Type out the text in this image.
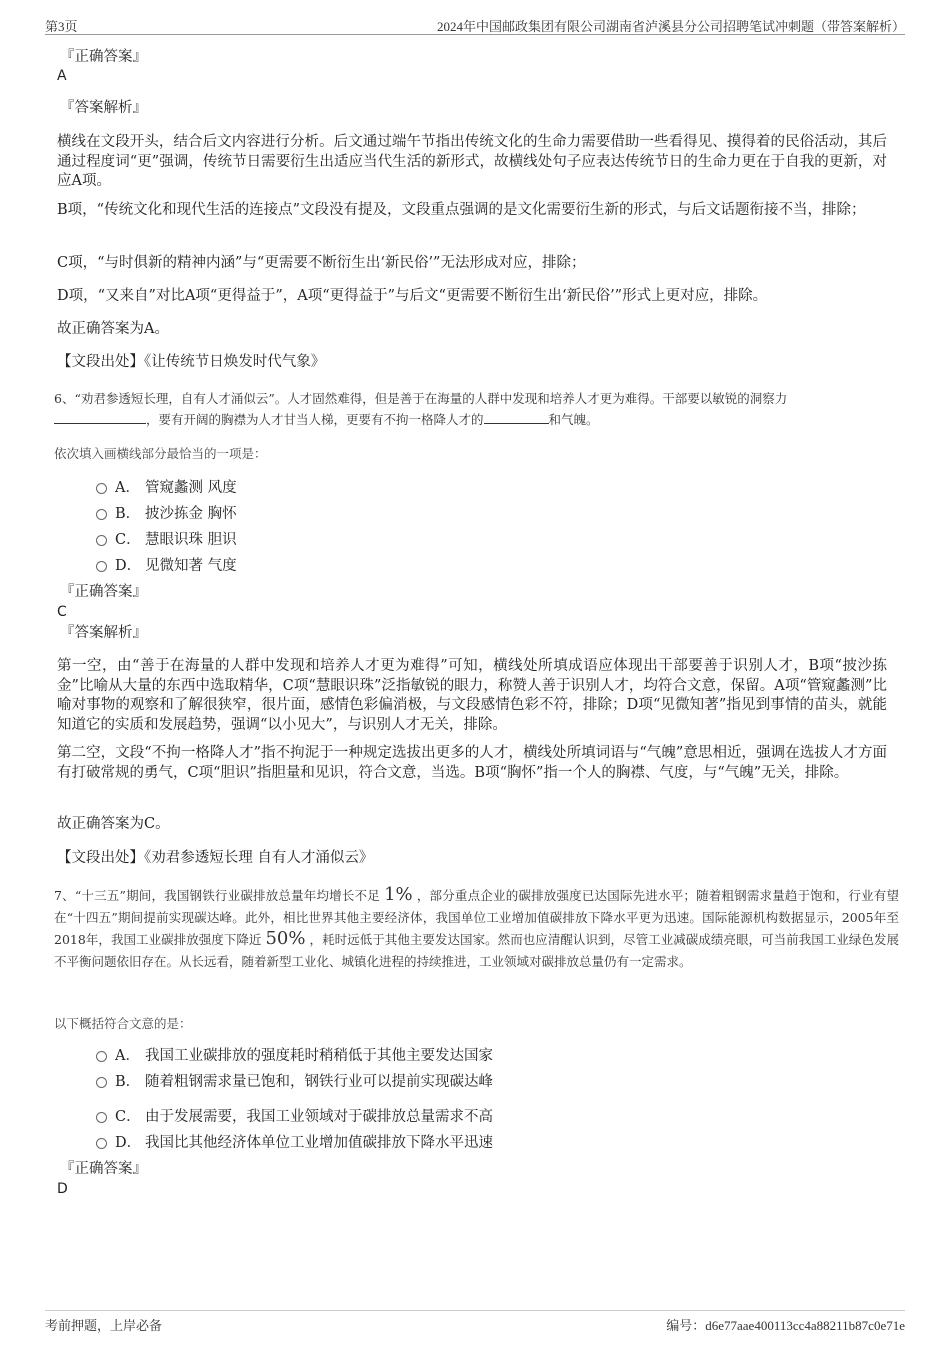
第3页	2024年中国邮政集团有限公司湖南省泸溪县分公司招聘笔试冲刺题（带答案解析）
『正确答案』
A
『答案解析』
横线在文段开头，结合后文内容进行分析。后文通过端午节指出传统文化的生命力需要借助一些看得见、摸得着的民俗活动，其后通过程度词“更”强调，传统节日需要衍生出适应当代生活的新形式，故横线处句子应表达传统节日的生命力更在于自我的更新，对应A项。
B项，“传统文化和现代生活的连接点”文段没有提及，文段重点强调的是文化需要衍生新的形式，与后文话题衔接不当，排除；
C项，“与时俱新的精神内涵”与“更需要不断衍生出‘新民俗’”无法形成对应，排除；
D项，“又来自”对比A项“更得益于”，A项“更得益于”与后文“更需要不断衍生出‘新民俗’”形式上更对应，排除。
故正确答案为A。
【文段出处】《让传统节日焕发时代气象》
6、“劝君参透短长理，自有人才涌似云”。人才固然难得，但是善于在海量的人群中发现和培养人才更为难得。干部要以敏锐的洞察力
，要有开阔的胸襟为人才甘当人梯，更要有不拘一格降人才的	和气魄。
依次填入画横线部分最恰当的一项是：
A． 管窥蠡测 风度
B． 披沙拣金 胸怀
C． 慧眼识珠 胆识
D． 见微知著 气度
『正确答案』
C
『答案解析』
第一空，由“善于在海量的人群中发现和培养人才更为难得”可知，横线处所填成语应体现出干部要善于识别人才，B项“披沙拣金”比喻从大量的东西中选取精华，C项“慧眼识珠”泛指敏锐的眼力，称赞人善于识别人才，均符合文意，保留。A项“管窥蠡测”比喻对事物的观察和了解很狭窄，很片面，感情色彩偏消极，与文段感情色彩不符，排除；D项“见微知著”指见到事情的苗头，就能知道它的实质和发展趋势，强调“以小见大”，与识别人才无关，排除。
第二空，文段“不拘一格降人才”指不拘泥于一种规定选拔出更多的人才，横线处所填词语与“气魄”意思相近，强调在选拔人才方面有打破常规的勇气，C项“胆识”指胆量和见识，符合文意，当选。B项“胸怀”指一个人的胸襟、气度，与“气魄”无关，排除。
故正确答案为C。
【文段出处】《劝君参透短长理 自有人才涌似云》
7、“十三五”期间，我国钢铁行业碳排放总量年均增长不足 1% ，部分重点企业的碳排放强度已达国际先进水平；随着粗钢需求量趋于饱和，行业有望在“十四五”期间提前实现碳达峰。此外，相比世界其他主要经济体，我国单位工业增加值碳排放下降水平更为迅速。国际能源机构数据显示，2005年至2018年，我国工业碳排放强度下降近 50% ，耗时远低于其他主要发达国家。然而也应清醒认识到，尽管工业减碳成绩亮眼，可当前我国工业绿色发展不平衡问题依旧存在。从长远看，随着新型工业化、城镇化进程的持续推进，工业领域对碳排放总量仍有一定需求。
以下概括符合文意的是：
A． 我国工业碳排放的强度耗时稍稍低于其他主要发达国家
B． 随着粗钢需求量已饱和，钢铁行业可以提前实现碳达峰
C． 由于发展需要，我国工业领域对于碳排放总量需求不高
D． 我国比其他经济体单位工业增加值碳排放下降水平迅速
『正确答案』
D
考前押题，上岸必备	编号：d6e77aae400113cc4a88211b87c0e71e
